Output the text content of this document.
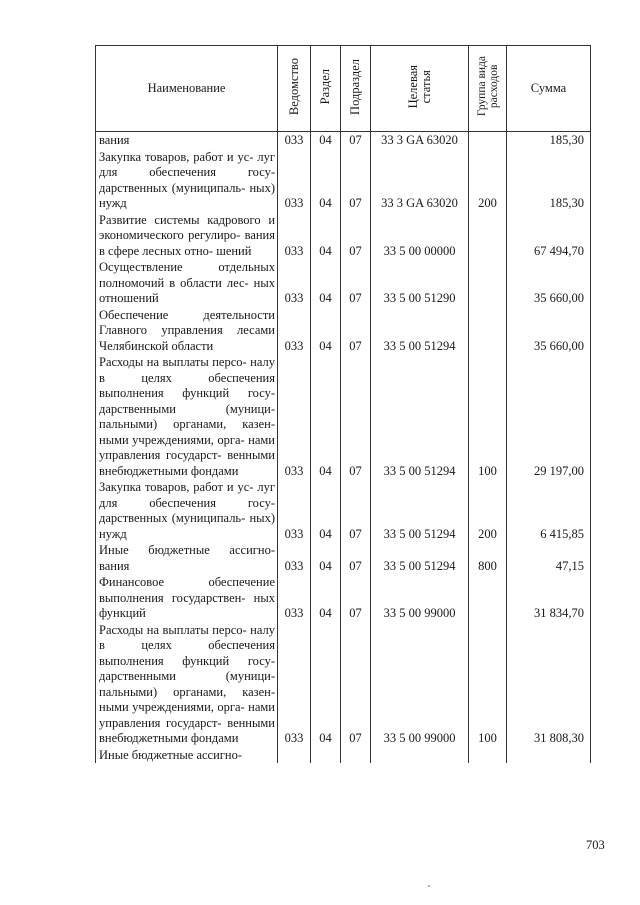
Наименование	Ведомство	Раздел	Подраздел	Целевая
статья	Группа вида
расходов	Сумма
вания	033	04	07	33 3 GA 63020		185,30
Закупка товаров, работ и ус- луг для обеспечения госу- дарственных (муниципаль- ных) нужд	033	04	07	33 3 GA 63020	200	185,30
Развитие системы кадрового и экономического регулиро- вания в сфере лесных отно- шений	033	04	07	33 5 00 00000		67 494,70
Осуществление отдельных полномочий в области лес- ных отношений	033	04	07	33 5 00 51290		35 660,00
Обеспечение деятельности Главного управления лесами Челябинской области	033	04	07	33 5 00 51294		35 660,00
Расходы на выплаты персо- налу в целях обеспечения выполнения функций госу- дарственными (муници- пальными) органами, казен- ными учреждениями, орга- нами управления государст- венными внебюджетными фондами	033	04	07	33 5 00 51294	100	29 197,00
Закупка товаров, работ и ус- луг для обеспечения госу- дарственных (муниципаль- ных) нужд	033	04	07	33 5 00 51294	200	6 415,85
Иные бюджетные ассигно- вания	033	04	07	33 5 00 51294	800	47,15
Финансовое обеспечение выполнения государствен- ных функций	033	04	07	33 5 00 99000		31 834,70
Расходы на выплаты персо- налу в целях обеспечения выполнения функций госу- дарственными (муници- пальными) органами, казен- ными учреждениями, орга- нами управления государст- венными внебюджетными фондами	033	04	07	33 5 00 99000	100	31 808,30
Иные бюджетные ассигно-						
703
